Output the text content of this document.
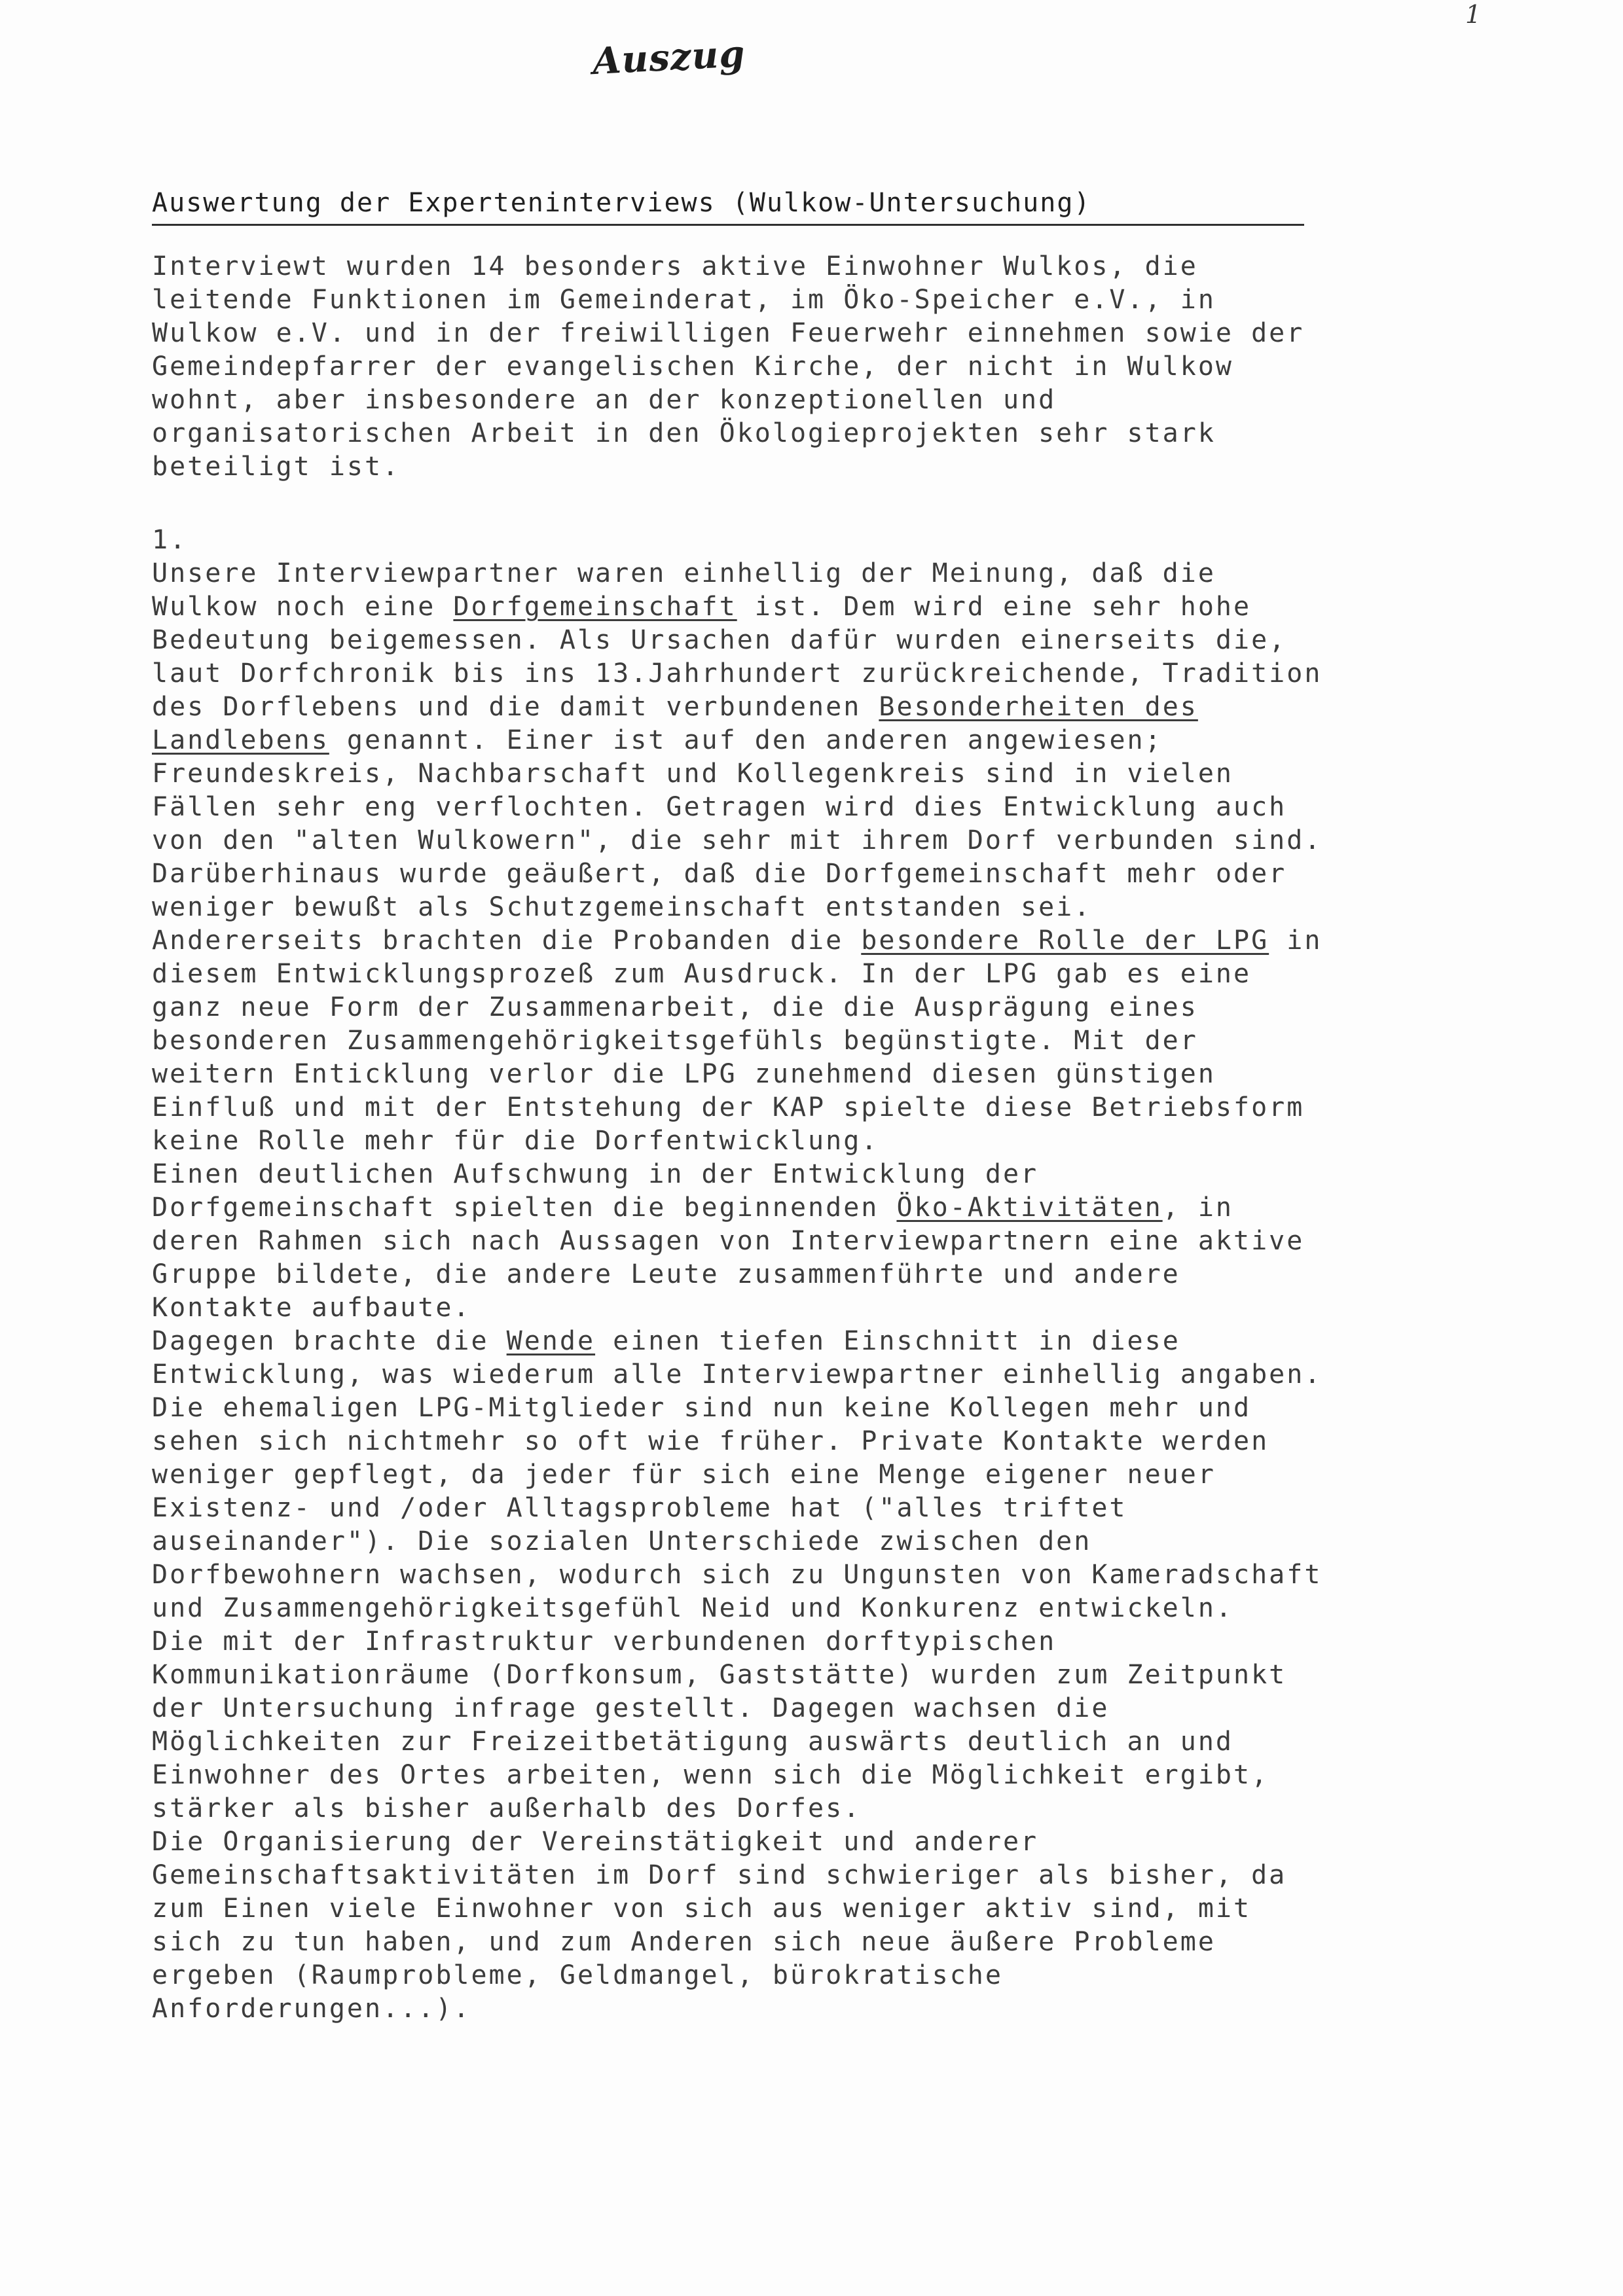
1
Auszug
Auswertung der Experteninterviews (Wulkow-Untersuchung)
Interviewt wurden 14 besonders aktive Einwohner Wulkos, die
leitende Funktionen im Gemeinderat, im Öko-Speicher e.V., in
Wulkow e.V. und in der freiwilligen Feuerwehr einnehmen sowie der
Gemeindepfarrer der evangelischen Kirche, der nicht in Wulkow
wohnt, aber insbesondere an der konzeptionellen und
organisatorischen Arbeit in den Ökologieprojekten sehr stark
beteiligt ist.
1.
Unsere Interviewpartner waren einhellig der Meinung, daß die
Wulkow noch eine Dorfgemeinschaft ist. Dem wird eine sehr hohe
Bedeutung beigemessen. Als Ursachen dafür wurden einerseits die,
laut Dorfchronik bis ins 13.Jahrhundert zurückreichende, Tradition
des Dorflebens und die damit verbundenen Besonderheiten des
Landlebens genannt. Einer ist auf den anderen angewiesen;
Freundeskreis, Nachbarschaft und Kollegenkreis sind in vielen
Fällen sehr eng verflochten. Getragen wird dies Entwicklung auch
von den "alten Wulkowern", die sehr mit ihrem Dorf verbunden sind.
Darüberhinaus wurde geäußert, daß die Dorfgemeinschaft mehr oder
weniger bewußt als Schutzgemeinschaft entstanden sei.
Andererseits brachten die Probanden die besondere Rolle der LPG in
diesem Entwicklungsprozeß zum Ausdruck. In der LPG gab es eine
ganz neue Form der Zusammenarbeit, die die Ausprägung eines
besonderen Zusammengehörigkeitsgefühls begünstigte. Mit der
weitern Enticklung verlor die LPG zunehmend diesen günstigen
Einfluß und mit der Entstehung der KAP spielte diese Betriebsform
keine Rolle mehr für die Dorfentwicklung.
Einen deutlichen Aufschwung in der Entwicklung der
Dorfgemeinschaft spielten die beginnenden Öko-Aktivitäten, in
deren Rahmen sich nach Aussagen von Interviewpartnern eine aktive
Gruppe bildete, die andere Leute zusammenführte und andere
Kontakte aufbaute.
Dagegen brachte die Wende einen tiefen Einschnitt in diese
Entwicklung, was wiederum alle Interviewpartner einhellig angaben.
Die ehemaligen LPG-Mitglieder sind nun keine Kollegen mehr und
sehen sich nichtmehr so oft wie früher. Private Kontakte werden
weniger gepflegt, da jeder für sich eine Menge eigener neuer
Existenz- und /oder Alltagsprobleme hat ("alles triftet
auseinander"). Die sozialen Unterschiede zwischen den
Dorfbewohnern wachsen, wodurch sich zu Ungunsten von Kameradschaft
und Zusammengehörigkeitsgefühl Neid und Konkurenz entwickeln.
Die mit der Infrastruktur verbundenen dorftypischen
Kommunikationräume (Dorfkonsum, Gaststätte) wurden zum Zeitpunkt
der Untersuchung infrage gestellt. Dagegen wachsen die
Möglichkeiten zur Freizeitbetätigung auswärts deutlich an und
Einwohner des Ortes arbeiten, wenn sich die Möglichkeit ergibt,
stärker als bisher außerhalb des Dorfes.
Die Organisierung der Vereinstätigkeit und anderer
Gemeinschaftsaktivitäten im Dorf sind schwieriger als bisher, da
zum Einen viele Einwohner von sich aus weniger aktiv sind, mit
sich zu tun haben, und zum Anderen sich neue äußere Probleme
ergeben (Raumprobleme, Geldmangel, bürokratische
Anforderungen...).
